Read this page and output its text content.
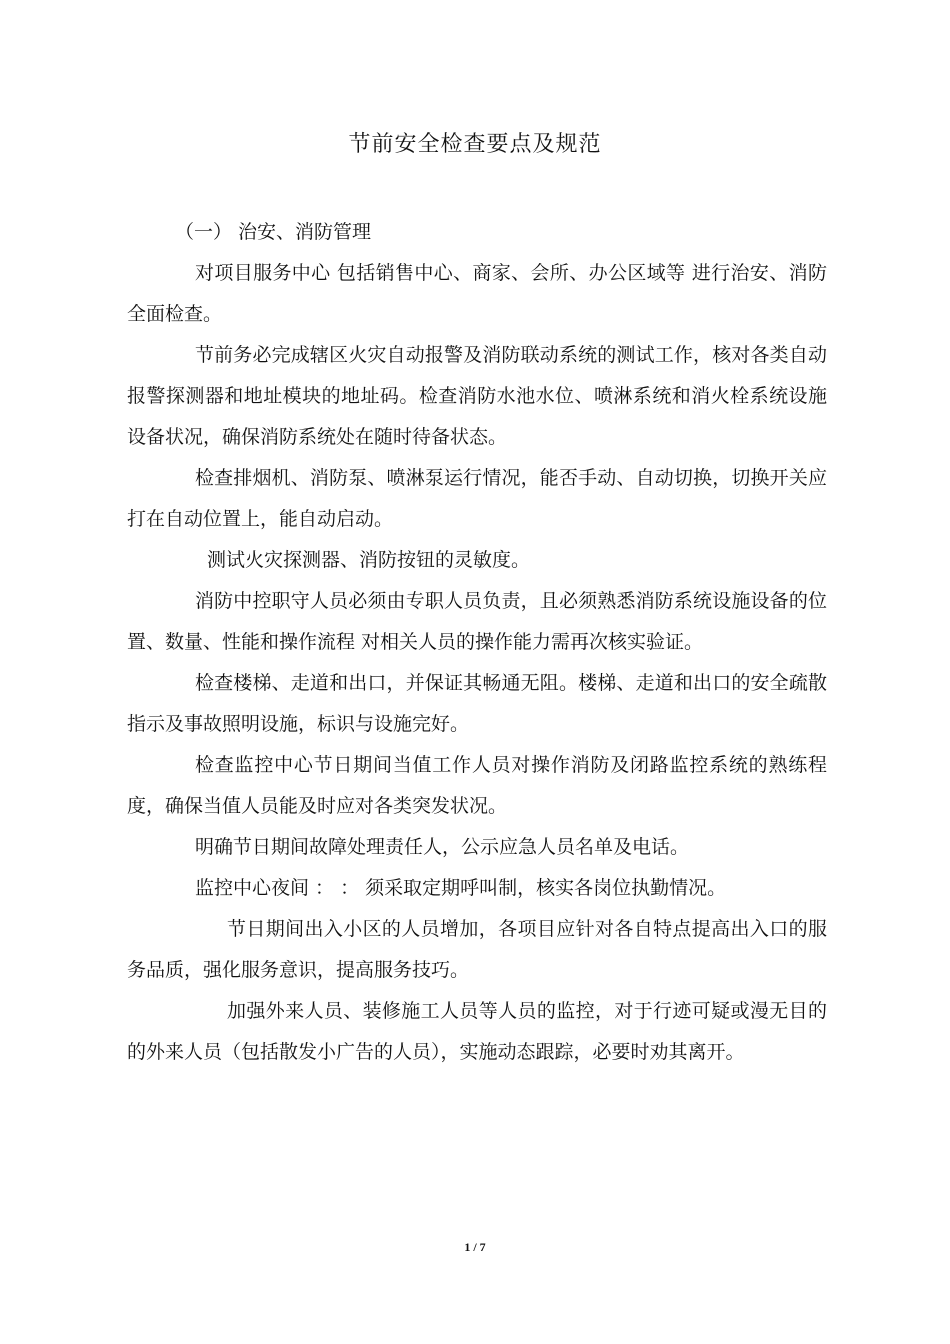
节前安全检查要点及规范

（一） 治安、消防管理

对项目服务中心 包括销售中心、商家、会所、办公区域等 进行治安、消防全面检查。

节前务必完成辖区火灾自动报警及消防联动系统的测试工作，核对各类自动报警探测器和地址模块的地址码。检查消防水池水位、喷淋系统和消火栓系统设施设备状况，确保消防系统处在随时待备状态。

检查排烟机、消防泵、喷淋泵运行情况，能否手动、自动切换，切换开关应打在自动位置上，能自动启动。

测试火灾探测器、消防按钮的灵敏度。

消防中控职守人员必须由专职人员负责，且必须熟悉消防系统设施设备的位置、数量、性能和操作流程 对相关人员的操作能力需再次核实验证。

检查楼梯、走道和出口，并保证其畅通无阻。楼梯、走道和出口的安全疏散指示及事故照明设施，标识与设施完好。

检查监控中心节日期间当值工作人员对操作消防及闭路监控系统的熟练程度，确保当值人员能及时应对各类突发状况。

明确节日期间故障处理责任人，公示应急人员名单及电话。

监控中心夜间 ： ： 须采取定期呼叫制，核实各岗位执勤情况。

节日期间出入小区的人员增加，各项目应针对各自特点提高出入口的服务品质，强化服务意识，提高服务技巧。

加强外来人员、装修施工人员等人员的监控，对于行迹可疑或漫无目的的外来人员（包括散发小广告的人员），实施动态跟踪，必要时劝其离开。

1 / 7
